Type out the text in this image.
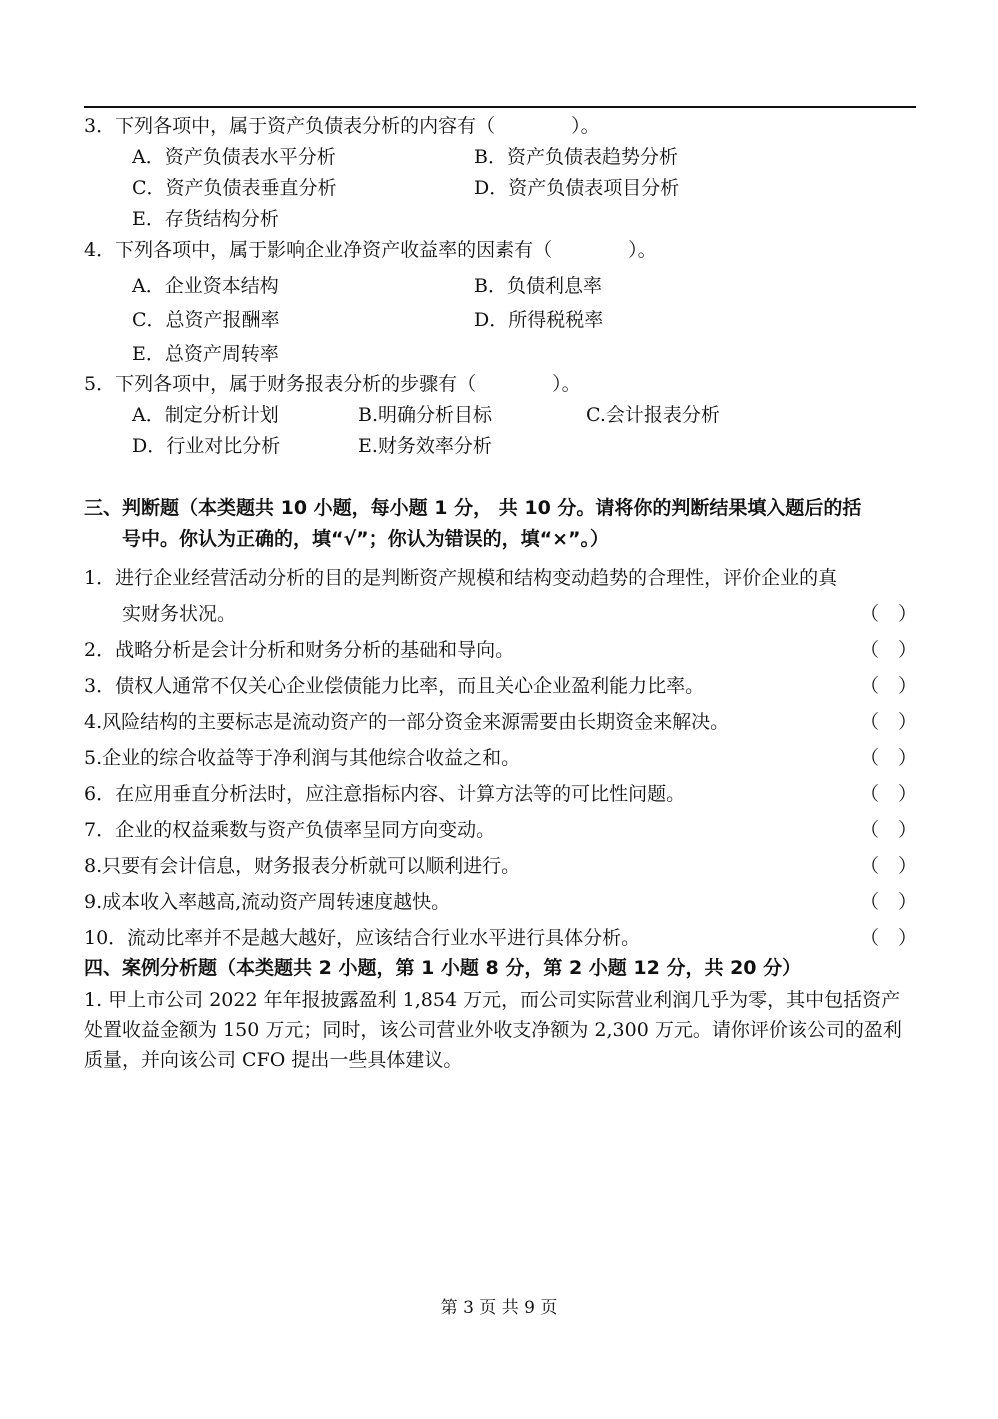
3．下列各项中，属于资产负债表分析的内容有（　　　　）。
A．资产负债表水平分析	B．资产负债表趋势分析
C．资产负债表垂直分析	D．资产负债表项目分析
E．存货结构分析
4．下列各项中，属于影响企业净资产收益率的因素有（　　　　）。
A．企业资本结构	B．负债利息率
C．总资产报酬率	D．所得税税率
E．总资产周转率
5．下列各项中，属于财务报表分析的步骤有（　　　　）。
A．制定分析计划	B.明确分析目标	C.会计报表分析
D．行业对比分析	E.财务效率分析
三、判断题（本类题共 10 小题，每小题 1 分， 共 10 分。请将你的判断结果填入题后的括
号中。你认为正确的，填“√”；你认为错误的，填“×”。）
1．进行企业经营活动分析的目的是判断资产规模和结构变动趋势的合理性，评价企业的真
实财务状况。	（　）
2．战略分析是会计分析和财务分析的基础和导向。	（　）
3．债权人通常不仅关心企业偿债能力比率，而且关心企业盈利能力比率。	（　）
4.风险结构的主要标志是流动资产的一部分资金来源需要由长期资金来解决。	（　）
5.企业的综合收益等于净利润与其他综合收益之和。	（　）
6．在应用垂直分析法时，应注意指标内容、计算方法等的可比性问题。	（　）
7．企业的权益乘数与资产负债率呈同方向变动。	（　）
8.只要有会计信息，财务报表分析就可以顺利进行。	（　）
9.成本收入率越高,流动资产周转速度越快。	（　）
10．流动比率并不是越大越好，应该结合行业水平进行具体分析。	（　）
四、案例分析题（本类题共 2 小题，第 1 小题 8 分，第 2 小题 12 分，共 20 分）
1. 甲上市公司 2022 年年报披露盈利 1,854 万元，而公司实际营业利润几乎为零，其中包括资产处置收益金额为 150 万元；同时，该公司营业外收支净额为 2,300 万元。请你评价该公司的盈利质量，并向该公司 CFO 提出一些具体建议。
第 3 页 共 9 页
